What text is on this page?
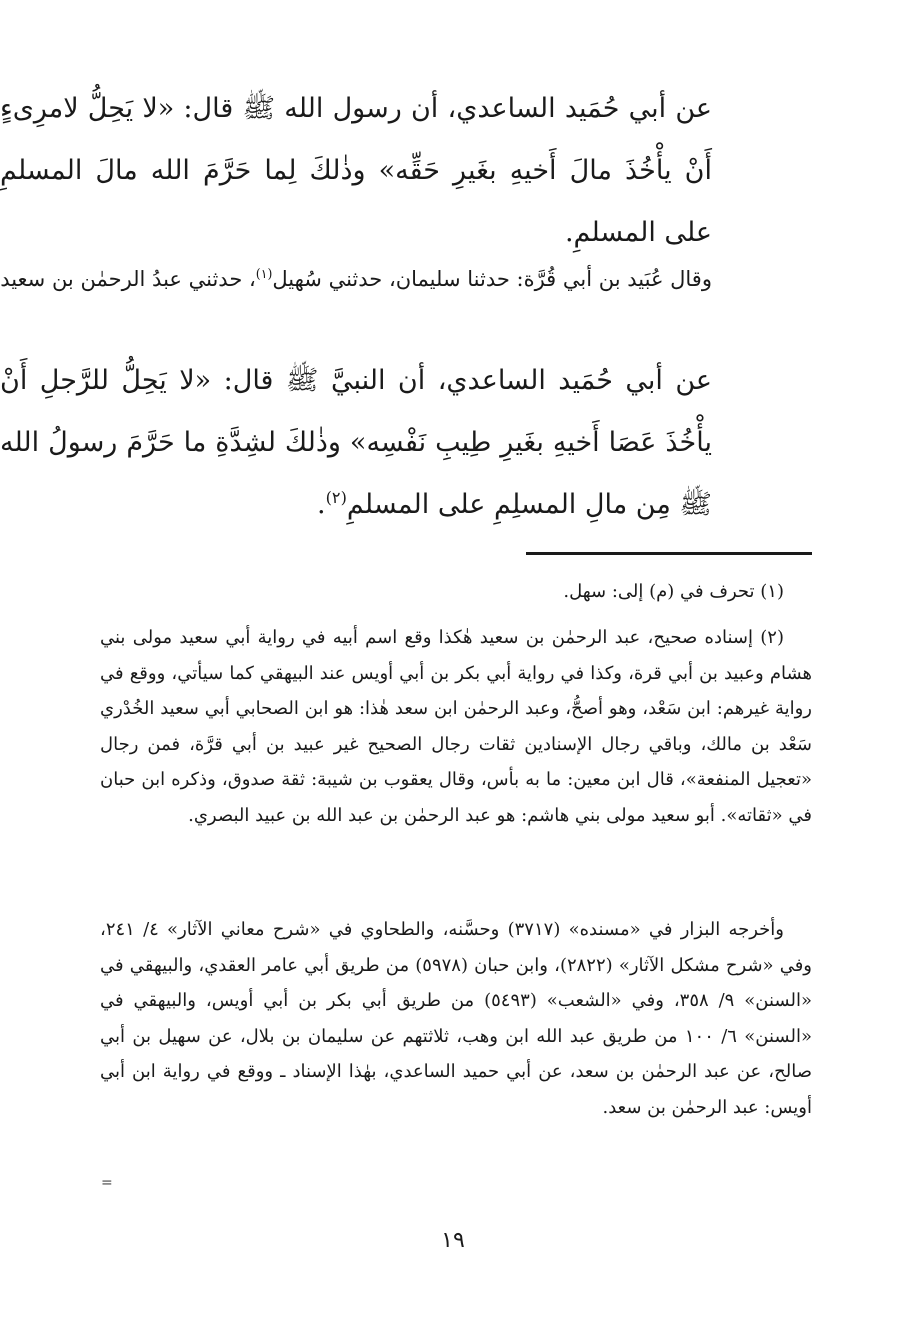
عن أبي حُمَيد الساعدي، أن رسول الله ﷺ قال: «لا يَحِلُّ لامرِىءٍ أَنْ يأْخُذَ مالَ أَخيهِ بغَيرِ حَقِّه» وذٰلكَ لِما حَرَّمَ الله مالَ المسلمِ على المسلمِ.
وقال عُبَيد بن أبي قُرَّة: حدثنا سليمان، حدثني سُهيل$^{(١)}$، حدثني عبدُ الرحمٰن بن سعيد
عن أبي حُمَيد الساعدي، أن النبيَّ ﷺ قال: «لا يَحِلُّ للرَّجلِ أَنْ يأْخُذَ عَصَا أَخيهِ بغَيرِ طِيبِ نَفْسِه» وذٰلكَ لشِدَّةِ ما حَرَّمَ رسولُ الله ﷺ مِن مالِ المسلِمِ على المسلمِ$^{(٢)}$.
(١) تحرف في (م) إلى: سهل.
(٢) إسناده صحيح، عبد الرحمٰن بن سعيد هٰكذا وقع اسم أبيه في رواية أبي سعيد مولى بني هشام وعبيد بن أبي قرة، وكذا في رواية أبي بكر بن أبي أويس عند البيهقي كما سيأتي، ووقع في رواية غيرهم: ابن سَعْد، وهو أصحُّ، وعبد الرحمٰن ابن سعد هٰذا: هو ابن الصحابي أبي سعيد الخُدْري سَعْد بن مالك، وباقي رجال الإسنادين ثقات رجال الصحيح غير عبيد بن أبي قرَّة، فمن رجال «تعجيل المنفعة»، قال ابن معين: ما به بأس، وقال يعقوب بن شيبة: ثقة صدوق، وذكره ابن حبان في «ثقاته». أبو سعيد مولى بني هاشم: هو عبد الرحمٰن بن عبد الله بن عبيد البصري.
وأخرجه البزار في «مسنده» (٣٧١٧) وحسَّنه، والطحاوي في «شرح معاني الآثار» ٤/ ٢٤١، وفي «شرح مشكل الآثار» (٢٨٢٢)، وابن حبان (٥٩٧٨) من طريق أبي عامر العقدي، والبيهقي في «السنن» ٩/ ٣٥٨، وفي «الشعب» (٥٤٩٣) من طريق أبي بكر بن أبي أويس، والبيهقي في «السنن» ٦/ ١٠٠ من طريق عبد الله ابن وهب، ثلاثتهم عن سليمان بن بلال، عن سهيل بن أبي صالح، عن عبد الرحمٰن بن سعد، عن أبي حميد الساعدي، بهٰذا الإسناد ـ ووقع في رواية ابن أبي أويس: عبد الرحمٰن بن سعد.
=
١٩
